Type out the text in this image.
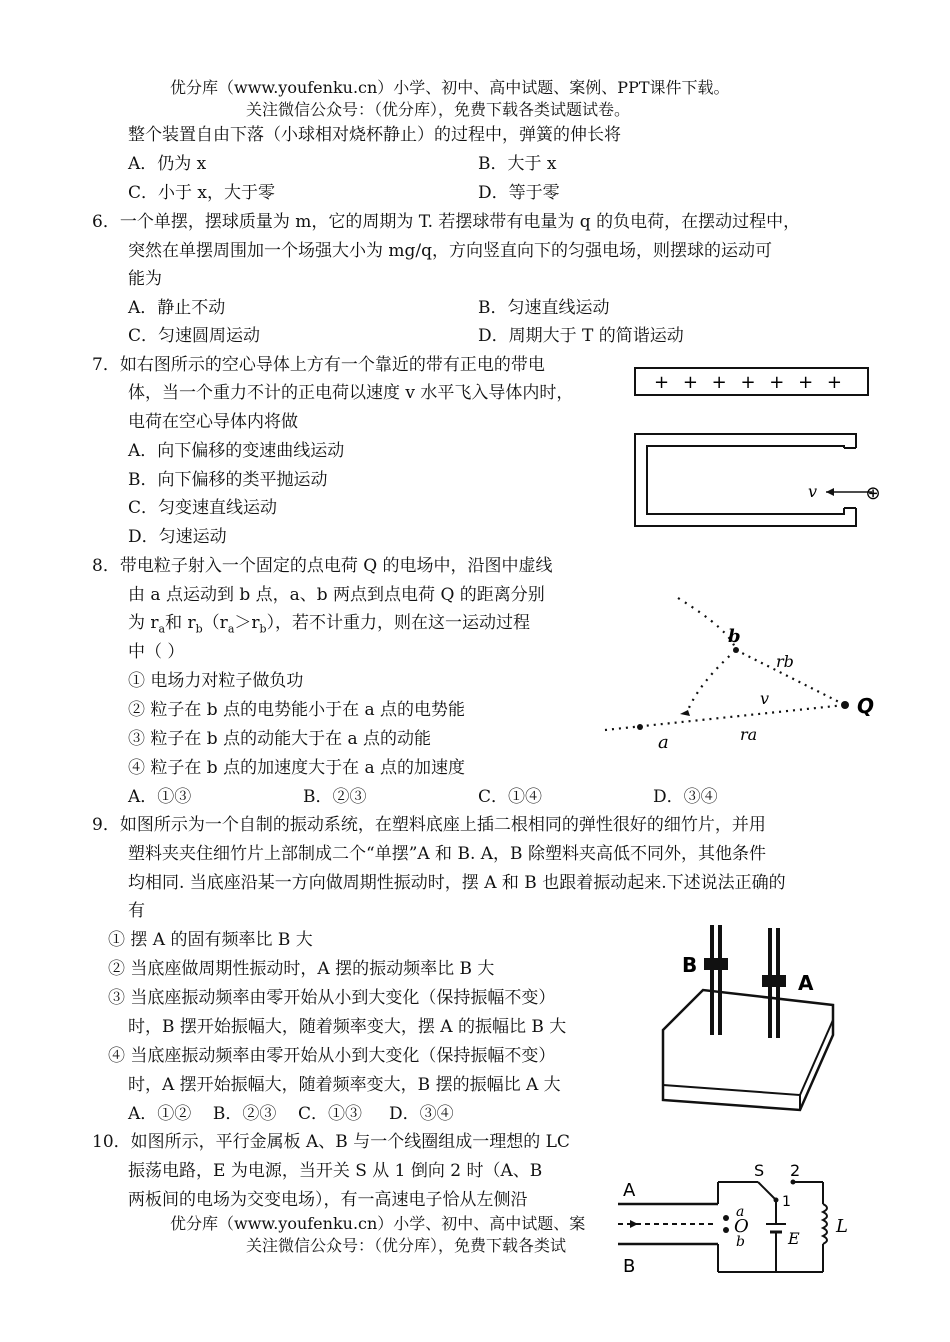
优分库（www.youfenku.cn）小学、初中、高中试题、案例、PPT课件下载。
关注微信公众号：（优分库），免费下载各类试题试卷。
整个装置自由下落（小球相对烧杯静止）的过程中，弹簧的伸长将
A．仍为 x	B．大于 x
C．小于 x，大于零	D．等于零
6．一个单摆，摆球质量为 m，它的周期为 T. 若摆球带有电量为 q 的负电荷，在摆动过程中，
突然在单摆周围加一个场强大小为 mg/q，方向竖直向下的匀强电场，则摆球的运动可
能为
A．静止不动	B．匀速直线运动
C．匀速圆周运动	D．周期大于 T 的简谐运动
7．如右图所示的空心导体上方有一个靠近的带有正电的带电
体，当一个重力不计的正电荷以速度 v 水平飞入导体内时，
电荷在空心导体内将做
A．向下偏移的变速曲线运动
B．向下偏移的类平抛运动
C．匀变速直线运动
D．匀速运动
+ + + + + + +
v	⊕
8．带电粒子射入一个固定的点电荷 Q 的电场中，沿图中虚线
由 a 点运动到 b 点，a、b 两点到点电荷 Q 的距离分别
为 $r_a$和 $r_b(r_a>r_b)$，若不计重力，则在这一运动过程
中（ ）
① 电场力对粒子做负功
② 粒子在 b 点的电势能小于在 a 点的电势能
③ 粒子在 b 点的动能大于在 a 点的动能
④ 粒子在 b 点的加速度大于在 a 点的加速度
A．①③	B．②③	C．①④	D．③④
Q
b
a
rb
v
ra
9．如图所示为一个自制的振动系统，在塑料底座上插二根相同的弹性很好的细竹片，并用
塑料夹夹住细竹片上部制成二个“单摆”A 和 B. A，B 除塑料夹高低不同外，其他条件
均相同. 当底座沿某一方向做周期性振动时，摆 A 和 B 也跟着振动起来.下述说法正确的
有
① 摆 A 的固有频率比 B 大
② 当底座做周期性振动时，A 摆的振动频率比 B 大
③ 当底座振动频率由零开始从小到大变化（保持振幅不变）
时，B 摆开始振幅大，随着频率变大，摆 A 的振幅比 B 大
④ 当底座振动频率由零开始从小到大变化（保持振幅不变）
时，A 摆开始振幅大，随着频率变大，B 摆的振幅比 A 大
A．①②    B．②③    C．①③     D．③④
B
A
10．如图所示，平行金属板 A、B 与一个线圈组成一理想的 LC
振荡电路，E 为电源，当开关 S 从 1 倒向 2 时（A、B
两板间的电场为交变电场），有一高速电子恰从左侧沿
优分库（www.youfenku.cn）小学、初中、高中试题、案
关注微信公众号：（优分库），免费下载各类试
A
B
a
O
b
S 2
1
E
L
